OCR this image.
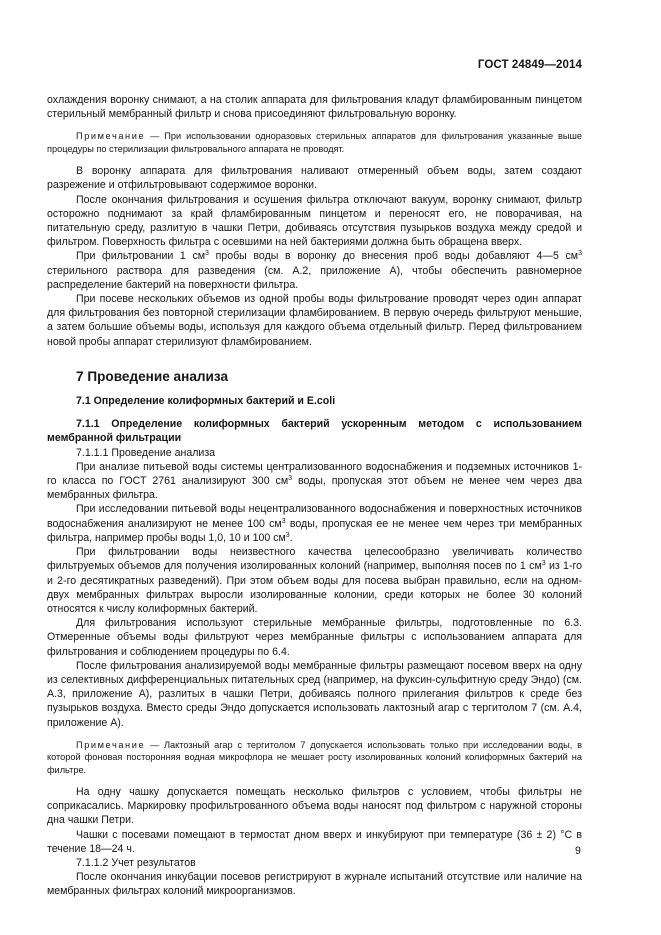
ГОСТ 24849—2014

охлаждения воронку снимают, а на столик аппарата для фильтрования кладут фламбированным пинцетом стерильный мембранный фильтр и снова присоединяют фильтровальную воронку.

Примечание — При использовании одноразовых стерильных аппаратов для фильтрования указанные выше процедуры по стерилизации фильтровального аппарата не проводят.

В воронку аппарата для фильтрования наливают отмеренный объем воды, затем создают разрежение и отфильтровывают содержимое воронки.

После окончания фильтрования и осушения фильтра отключают вакуум, воронку снимают, фильтр осторожно поднимают за край фламбированным пинцетом и переносят его, не поворачивая, на питательную среду, разлитую в чашки Петри, добиваясь отсутствия пузырьков воздуха между средой и фильтром. Поверхность фильтра с осевшими на ней бактериями должна быть обращена вверх.

При фильтровании 1 $см^3$ пробы воды в воронку до внесения проб воды добавляют 4—5 $см^3$ стерильного раствора для разведения (см. А.2, приложение А), чтобы обеспечить равномерное распределение бактерий на поверхности фильтра.

При посеве нескольких объемов из одной пробы воды фильтрование проводят через один аппарат для фильтрования без повторной стерилизации фламбированием. В первую очередь фильтруют меньшие, а затем большие объемы воды, используя для каждого объема отдельный фильтр. Перед фильтрованием новой пробы аппарат стерилизуют фламбированием.

7 Проведение анализа

7.1 Определение колиформных бактерий и E.coli

7.1.1 Определение колиформных бактерий ускоренным методом с использованием мембранной фильтрации

7.1.1.1 Проведение анализа

При анализе питьевой воды системы централизованного водоснабжения и подземных источников 1-го класса по ГОСТ 2761 анализируют 300 $см^3$ воды, пропуская этот объем не менее чем через два мембранных фильтра.

При исследовании питьевой воды нецентрализованного водоснабжения и поверхностных источников водоснабжения анализируют не менее 100 $см^3$ воды, пропуская ее не менее чем через три мембранных фильтра, например пробы воды 1,0, 10 и 100 $см^3$.

При фильтровании воды неизвестного качества целесообразно увеличивать количество фильтруемых объемов для получения изолированных колоний (например, выполняя посев по 1 $см^3$ из 1-го и 2-го десятикратных разведений). При этом объем воды для посева выбран правильно, если на одном-двух мембранных фильтрах выросли изолированные колонии, среди которых не более 30 колоний относятся к числу колиформных бактерий.

Для фильтрования используют стерильные мембранные фильтры, подготовленные по 6.3. Отмеренные объемы воды фильтруют через мембранные фильтры с использованием аппарата для фильтрования и соблюдением процедуры по 6.4.

После фильтрования анализируемой воды мембранные фильтры размещают посевом вверх на одну из селективных дифференциальных питательных сред (например, на фуксин-сульфитную среду Эндо) (см. А.3, приложение А), разлитых в чашки Петри, добиваясь полного прилегания фильтров к среде без пузырьков воздуха. Вместо среды Эндо допускается использовать лактозный агар с тергитолом 7 (см. А.4, приложение А).

Примечание — Лактозный агар с тергитолом 7 допускается использовать только при исследовании воды, в которой фоновая посторонняя водная микрофлора не мешает росту изолированных колоний колиформных бактерий на фильтре.

На одну чашку допускается помещать несколько фильтров с условием, чтобы фильтры не соприкасались. Маркировку профильтрованного объема воды наносят под фильтром с наружной стороны дна чашки Петри.

Чашки с посевами помещают в термостат дном вверх и инкубируют при температуре (36 ± 2) °С в течение 18—24 ч.

7.1.1.2 Учет результатов

После окончания инкубации посевов регистрируют в журнале испытаний отсутствие или наличие на мембранных фильтрах колоний микроорганизмов.

9
